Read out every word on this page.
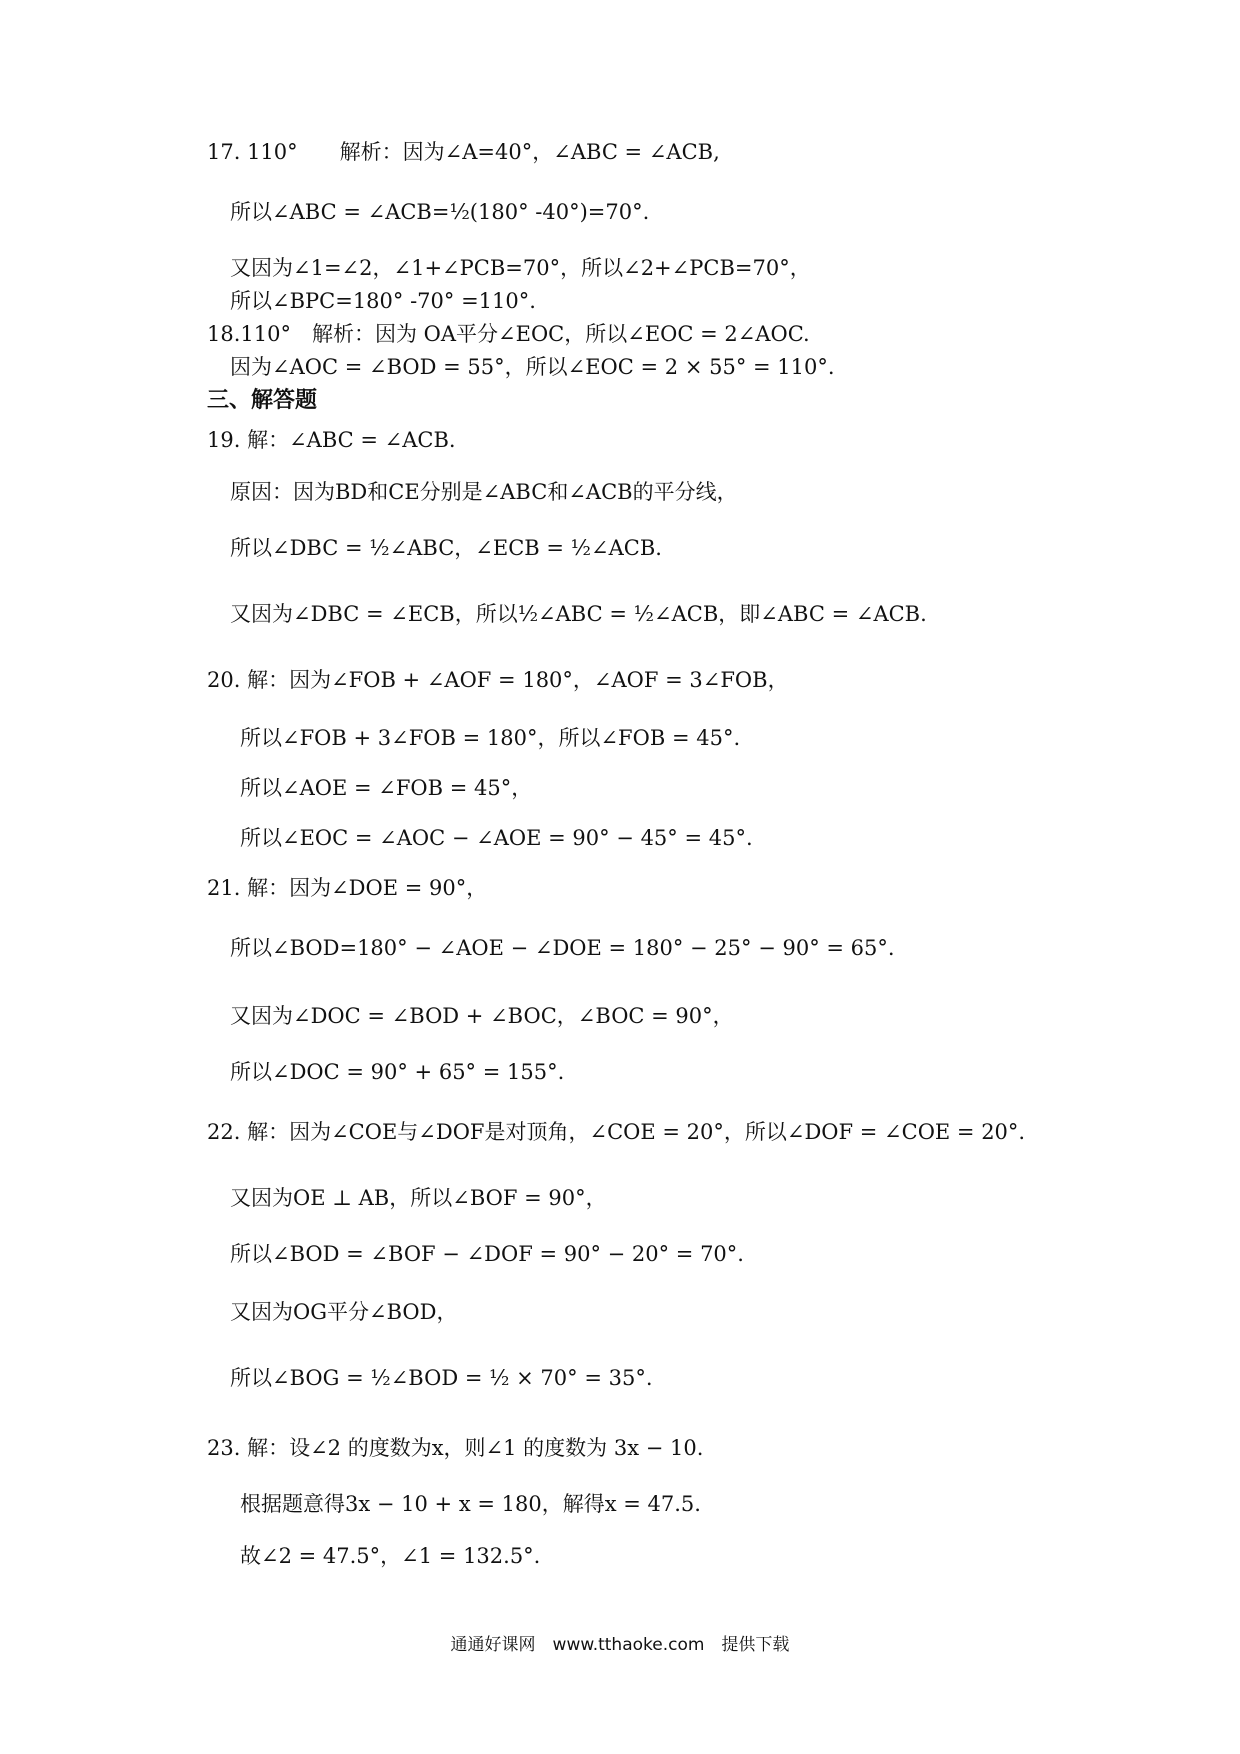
17. 110°　　解析：因为∠A=40°，∠ABC = ∠ACB,
所以∠ABC = ∠ACB=½(180° -40°)=70°.
又因为∠1=∠2，∠1+∠PCB=70°，所以∠2+∠PCB=70°，
所以∠BPC=180° -70° =110°.
18.110°　解析：因为 OA平分∠EOC，所以∠EOC = 2∠AOC.
因为∠AOC = ∠BOD = 55°，所以∠EOC = 2 × 55° = 110°.
三、解答题
19. 解：∠ABC = ∠ACB.
原因：因为BD和CE分别是∠ABC和∠ACB的平分线，
所以∠DBC = ½∠ABC，∠ECB = ½∠ACB.
又因为∠DBC = ∠ECB，所以½∠ABC = ½∠ACB，即∠ABC = ∠ACB.
20. 解：因为∠FOB + ∠AOF = 180°，∠AOF = 3∠FOB，
所以∠FOB + 3∠FOB = 180°，所以∠FOB = 45°.
所以∠AOE = ∠FOB = 45°，
所以∠EOC = ∠AOC − ∠AOE = 90° − 45° = 45°.
21. 解：因为∠DOE = 90°，
所以∠BOD=180° − ∠AOE − ∠DOE = 180° − 25° − 90° = 65°.
又因为∠DOC = ∠BOD + ∠BOC，∠BOC = 90°，
所以∠DOC = 90° + 65° = 155°.
22. 解：因为∠COE与∠DOF是对顶角，∠COE = 20°，所以∠DOF = ∠COE = 20°.
又因为OE ⊥ AB，所以∠BOF = 90°，
所以∠BOD = ∠BOF − ∠DOF = 90° − 20° = 70°.
又因为OG平分∠BOD，
所以∠BOG = ½∠BOD = ½ × 70° = 35°.
23. 解：设∠2 的度数为x，则∠1 的度数为 3x − 10.
根据题意得3x − 10 + x = 180，解得x = 47.5.
故∠2 = 47.5°，∠1 = 132.5°.
通通好课网　www.tthaoke.com　提供下载
